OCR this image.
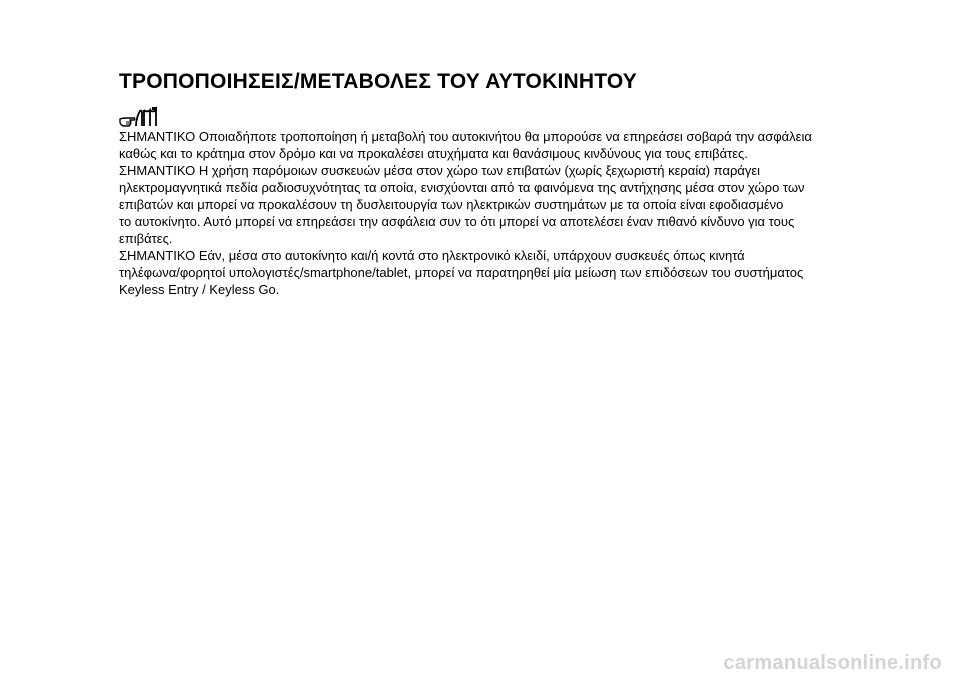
ΤΡΟΠΟΠΟΙΗΣΕΙΣ/ΜΕΤΑΒΟΛΕΣ ΤΟΥ ΑΥΤΟΚΙΝΗΤΟΥ

ΣΗΜΑΝΤΙΚΟ Οποιαδήποτε τροποποίηση ή μεταβολή του αυτοκινήτου θα μπορούσε να επηρεάσει σοβαρά την ασφάλεια
καθώς και το κράτημα στον δρόμο και να προκαλέσει ατυχήματα και θανάσιμους κινδύνους για τους επιβάτες.

ΣΗΜΑΝΤΙΚΟ Η χρήση παρόμοιων συσκευών μέσα στον χώρο των επιβατών (χωρίς ξεχωριστή κεραία) παράγει
ηλεκτρομαγνητικά πεδία ραδιοσυχνότητας τα οποία, ενισχύονται από τα φαινόμενα της αντήχησης μέσα στον χώρο των
επιβατών και μπορεί να προκαλέσουν τη δυσλειτουργία των ηλεκτρικών συστημάτων με τα οποία είναι εφοδιασμένο
το αυτοκίνητο. Αυτό μπορεί να επηρεάσει την ασφάλεια συν το ότι μπορεί να αποτελέσει έναν πιθανό κίνδυνο για τους
επιβάτες.

ΣΗΜΑΝΤΙΚΟ Εάν, μέσα στο αυτοκίνητο και/ή κοντά στο ηλεκτρονικό κλειδί, υπάρχουν συσκευές όπως κινητά
τηλέφωνα/φορητοί υπολογιστές/smartphone/tablet, μπορεί να παρατηρηθεί μία μείωση των επιδόσεων του συστήματος
Keyless Entry / Keyless Go.

carmanualsonline.info
